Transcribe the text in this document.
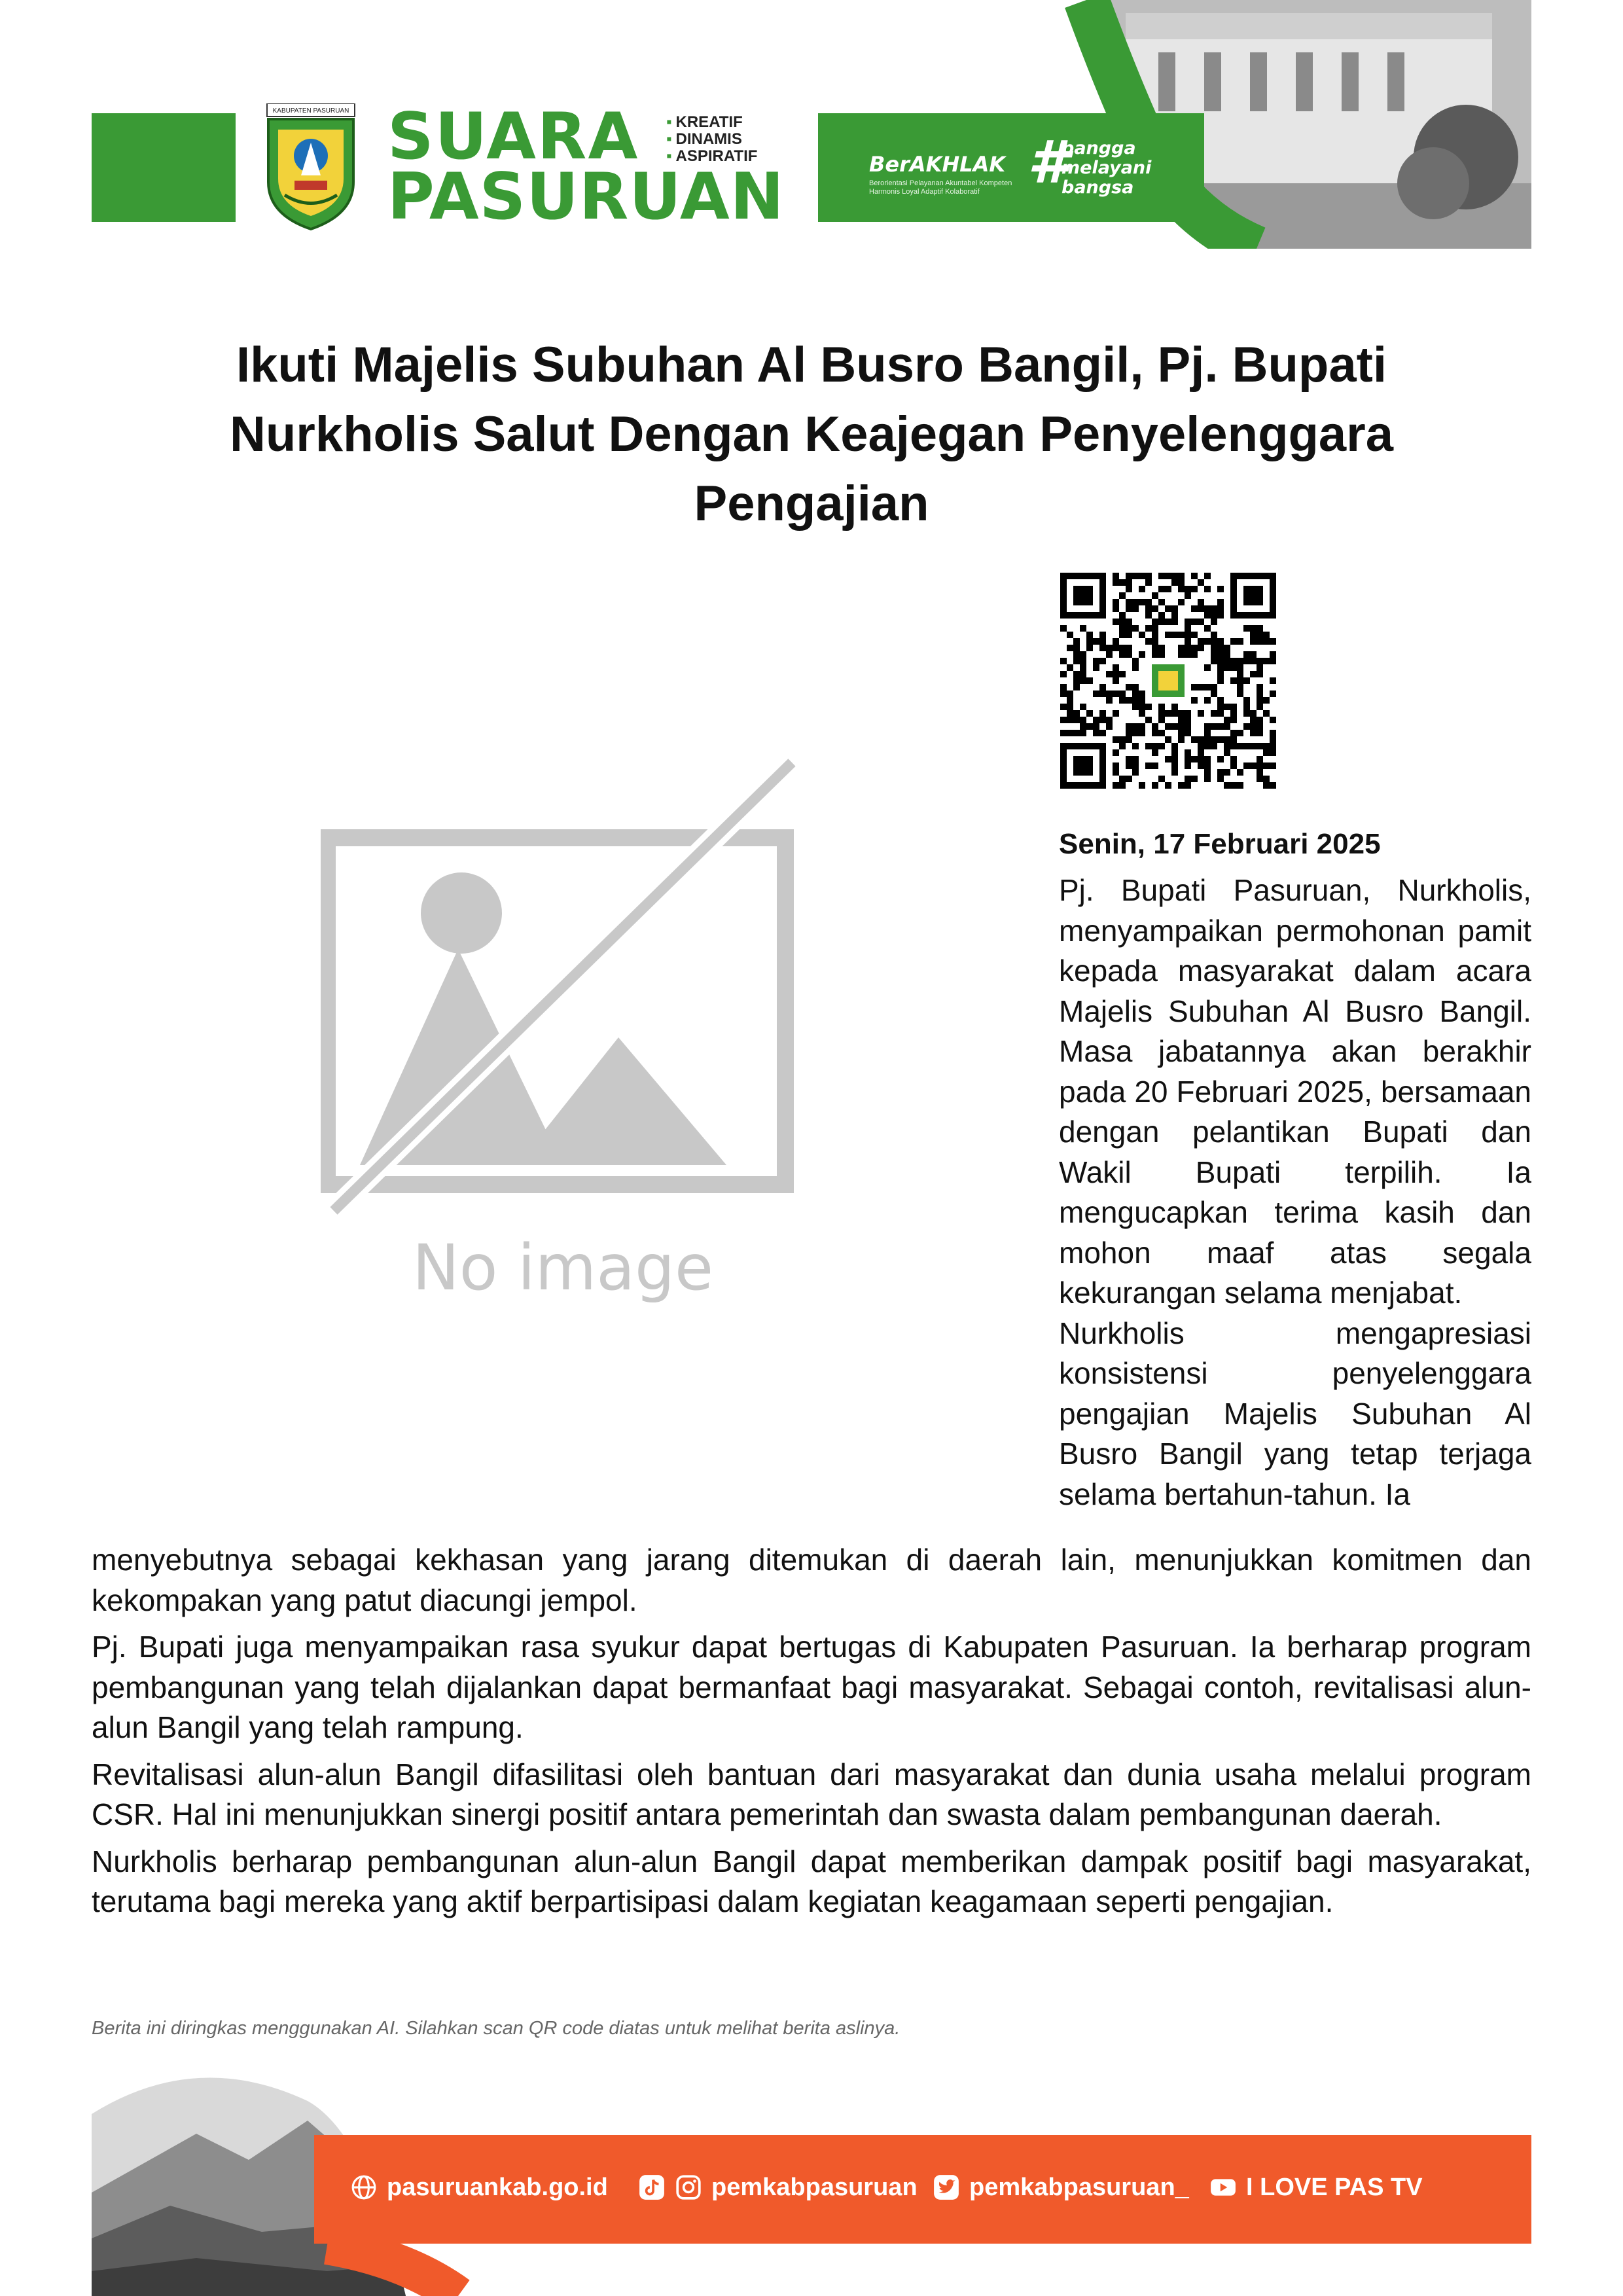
KABUPATEN PASURUAN SUARA
PASURUAN
▪ KREATIF
▪ DINAMIS
▪ ASPIRATIF	BerAKHLAK
Berorientasi Pelayanan Akuntabel Kompeten Harmonis Loyal Adaptif Kolaboratif #
bangga
melayani
bangsa
Ikuti Majelis Subuhan Al Busro Bangil, Pj. Bupati Nurkholis Salut Dengan Keajegan Penyelenggara Pengajian
No image
Senin, 17 Februari 2025

Pj. Bupati Pasuruan, Nurkholis, menyampaikan permohonan pamit kepada masyarakat dalam acara Majelis Subuhan Al Busro Bangil. Masa jabatannya akan berakhir pada 20 Februari 2025, bersamaan dengan pelantikan Bupati dan Wakil Bupati terpilih. Ia mengucapkan terima kasih dan mohon maaf atas segala kekurangan selama menjabat.

Nurkholis mengapresiasi konsistensi penyelenggara pengajian Majelis Subuhan Al Busro Bangil yang tetap terjaga selama bertahun-tahun. Ia

menyebutnya sebagai kekhasan yang jarang ditemukan di daerah lain, menunjukkan komitmen dan kekompakan yang patut diacungi jempol.

Pj. Bupati juga menyampaikan rasa syukur dapat bertugas di Kabupaten Pasuruan. Ia berharap program pembangunan yang telah dijalankan dapat bermanfaat bagi masyarakat. Sebagai contoh, revitalisasi alun-alun Bangil yang telah rampung.

Revitalisasi alun-alun Bangil difasilitasi oleh bantuan dari masyarakat dan dunia usaha melalui program CSR. Hal ini menunjukkan sinergi positif antara pemerintah dan swasta dalam pembangunan daerah.

Nurkholis berharap pembangunan alun-alun Bangil dapat memberikan dampak positif bagi masyarakat, terutama bagi mereka yang aktif berpartisipasi dalam kegiatan keagamaan seperti pengajian.

Berita ini diringkas menggunakan AI. Silahkan scan QR code diatas untuk melihat berita aslinya.
pasuruankab.go.id	pemkabpasuruan pemkabpasuruan_ I LOVE PAS TV
